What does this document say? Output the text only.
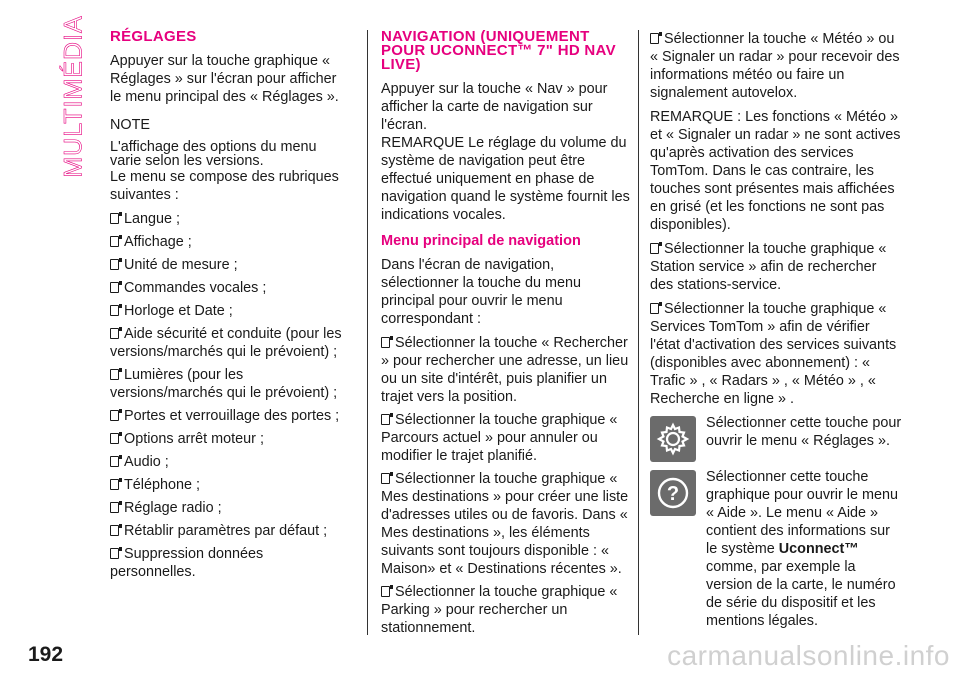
MULTIMÉDIA RÉGLAGES

Appuyer sur la touche graphique « Réglages » sur l'écran pour afficher le menu principal des « Réglages ».

NOTE

L'affichage des options du menu varie selon les versions.

Le menu se compose des rubriques suivantes :

Langue ;
Affichage ;
Unité de mesure ;
Commandes vocales ;
Horloge et Date ;
Aide sécurité et conduite (pour les versions/marchés qui le prévoient) ;
Lumières (pour les versions/marchés qui le prévoient) ;
Portes et verrouillage des portes ;
Options arrêt moteur ;
Audio ;
Téléphone ;
Réglage radio ;
Rétablir paramètres par défaut ;
Suppression données personnelles.
NAVIGATION (UNIQUEMENT POUR UCONNECT™ 7" HD NAV LIVE)

Appuyer sur la touche « Nav » pour afficher la carte de navigation sur l'écran.

REMARQUE Le réglage du volume du système de navigation peut être effectué uniquement en phase de navigation quand le système fournit les indications vocales.

Menu principal de navigation

Dans l'écran de navigation, sélectionner la touche du menu principal pour ouvrir le menu correspondant :

Sélectionner la touche « Rechercher » pour rechercher une adresse, un lieu ou un site d'intérêt, puis planifier un trajet vers la position.
Sélectionner la touche graphique « Parcours actuel » pour annuler ou modifier le trajet planifié.
Sélectionner la touche graphique « Mes destinations » pour créer une liste d'adresses utiles ou de favoris. Dans « Mes destinations », les éléments suivants sont toujours disponible : « Maison» et « Destinations récentes ».
Sélectionner la touche graphique « Parking » pour rechercher un stationnement.

Sélectionner la touche « Météo » ou « Signaler un radar » pour recevoir des informations météo ou faire un signalement autovelox.

REMARQUE : Les fonctions « Météo » et « Signaler un radar » ne sont actives qu'après activation des services TomTom. Dans le cas contraire, les touches sont présentes mais affichées en grisé (et les fonctions ne sont pas disponibles).

Sélectionner la touche graphique « Station service » afin de rechercher des stations-service.

Sélectionner la touche graphique « Services TomTom » afin de vérifier l'état d'activation des services suivants (disponibles avec abonnement) : « Trafic » , « Radars » , « Météo » , « Recherche en ligne » .

Sélectionner cette touche pour ouvrir le menu « Réglages ».

?

Sélectionner cette touche graphique pour ouvrir le menu « Aide ». Le menu « Aide » contient des informations sur le système Uconnect™ comme, par exemple la version de la carte, le numéro de série du dispositif et les mentions légales.

192	carmanualsonline.info
